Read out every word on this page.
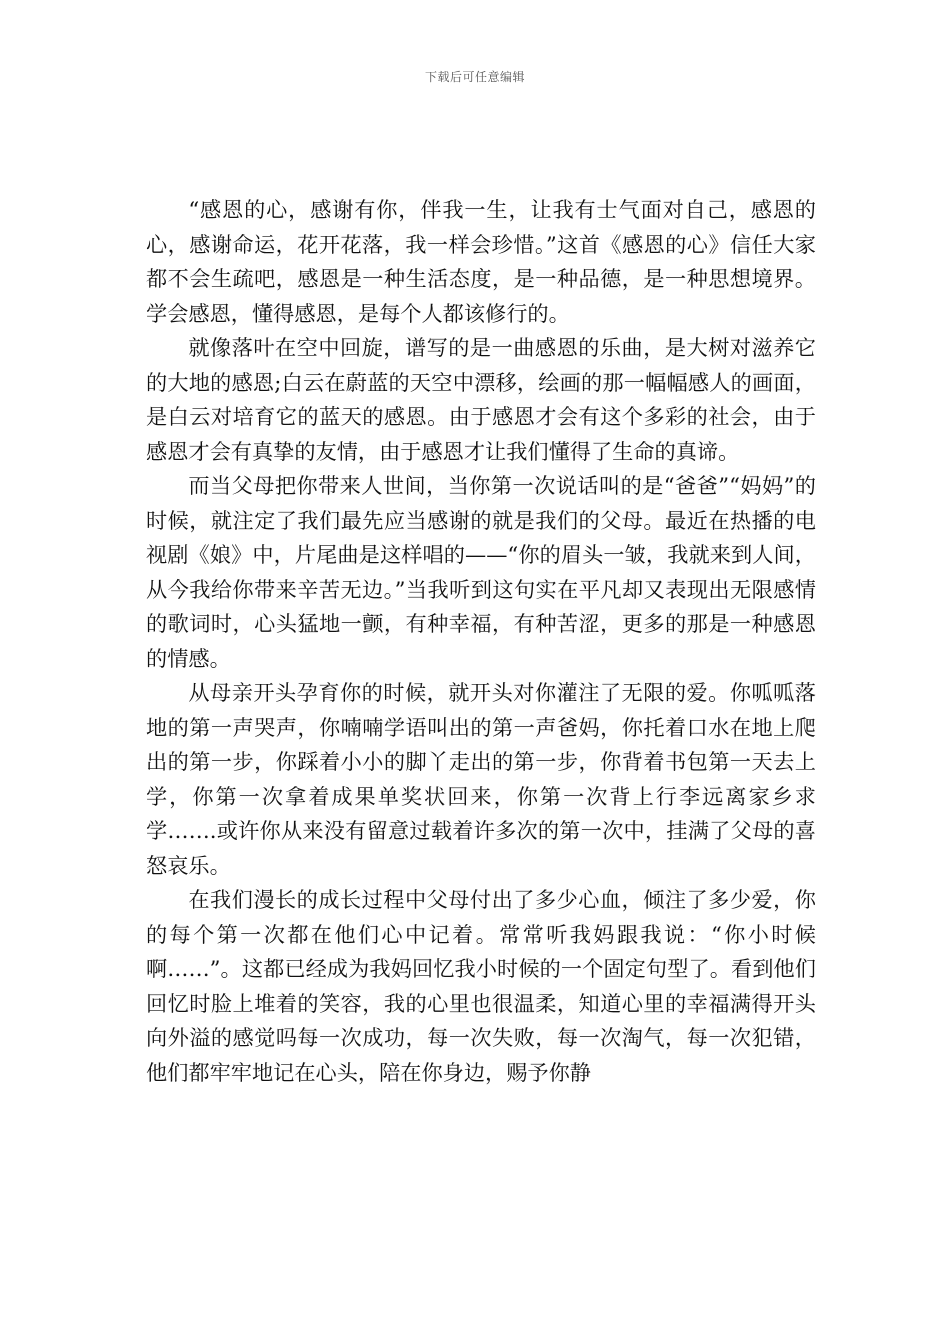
下载后可任意编辑

“感恩的心，感谢有你，伴我一生，让我有士气面对自己，感恩的心，感谢命运，花开花落，我一样会珍惜。”这首《感恩的心》信任大家都不会生疏吧，感恩是一种生活态度，是一种品德，是一种思想境界。学会感恩，懂得感恩，是每个人都该修行的。

就像落叶在空中回旋，谱写的是一曲感恩的乐曲，是大树对滋养它的大地的感恩;白云在蔚蓝的天空中漂移，绘画的那一幅幅感人的画面，是白云对培育它的蓝天的感恩。由于感恩才会有这个多彩的社会，由于感恩才会有真挚的友情，由于感恩才让我们懂得了生命的真谛。

而当父母把你带来人世间，当你第一次说话叫的是“爸爸”“妈妈”的时候，就注定了我们最先应当感谢的就是我们的父母。最近在热播的电视剧《娘》中，片尾曲是这样唱的——“你的眉头一皱，我就来到人间，从今我给你带来辛苦无边。”当我听到这句实在平凡却又表现出无限感情的歌词时，心头猛地一颤，有种幸福，有种苦涩，更多的那是一种感恩的情感。

从母亲开头孕育你的时候，就开头对你灌注了无限的爱。你呱呱落地的第一声哭声，你喃喃学语叫出的第一声爸妈，你托着口水在地上爬出的第一步，你踩着小小的脚丫走出的第一步，你背着书包第一天去上学，你第一次拿着成果单奖状回来，你第一次背上行李远离家乡求学…….或许你从来没有留意过载着许多次的第一次中，挂满了父母的喜怒哀乐。

在我们漫长的成长过程中父母付出了多少心血，倾注了多少爱，你的每个第一次都在他们心中记着。常常听我妈跟我说：“你小时候啊……”。这都已经成为我妈回忆我小时候的一个固定句型了。看到他们回忆时脸上堆着的笑容，我的心里也很温柔，知道心里的幸福满得开头向外溢的感觉吗每一次成功，每一次失败，每一次淘气，每一次犯错，他们都牢牢地记在心头，陪在你身边，赐予你静
